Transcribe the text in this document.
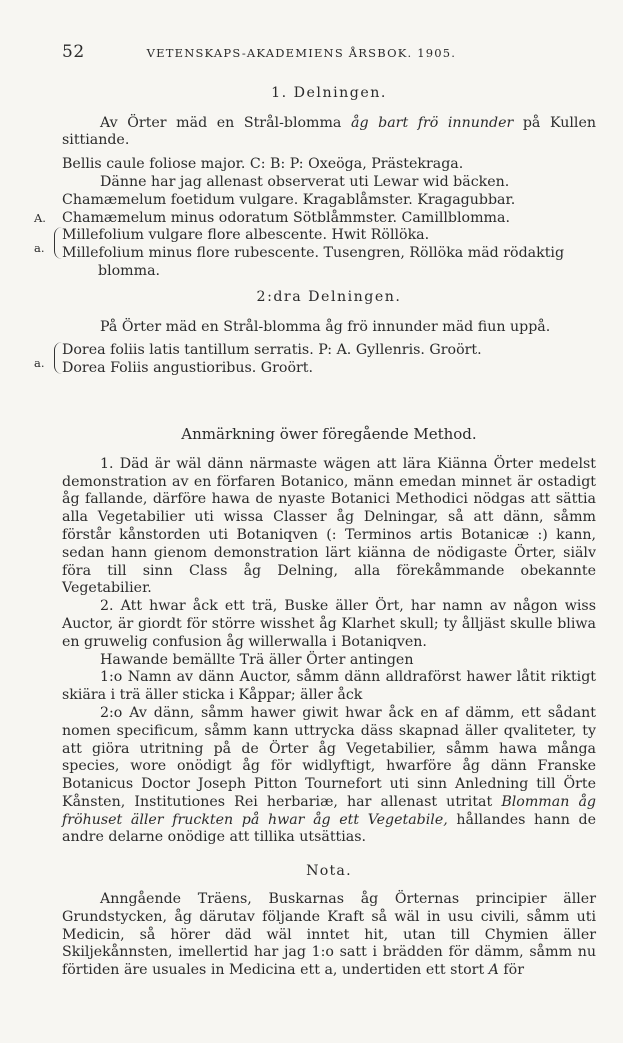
52	VETENSKAPS-AKADEMIENS ÅRSBOK. 1905.
1. Delningen.

Av Örter mäd en Strål-blomma åg bart frö innunder på Kullen sittiande.

Bellis caule foliose major. C: B: P: Oxeöga, Prästekraga.

Dänne har jag allenast observerat uti Lewar wid bäcken.

Chamæmelum foetidum vulgare. Kragablåmster. Kragagubbar.

A. Chamæmelum minus odoratum Sötblåmmster. Camillblomma.

a.

Millefolium vulgare flore albescente. Hwit Röllöka.

Millefolium minus flore rubescente. Tusengren, Röllöka mäd rödaktig blomma.

2:dra Delningen.

På Örter mäd en Strål-blomma åg frö innunder mäd fiun uppå.

a.

Dorea foliis latis tantillum serratis. P: A. Gyllenris. Groört.

Dorea Foliis angustioribus. Groört.

Anmärkning öwer föregående Method.

1. Däd är wäl dänn närmaste wägen att lära Kiänna Örter medelst demonstration av en förfaren Botanico, männ emedan minnet är ostadigt åg fallande, därföre hawa de nyaste Botanici Methodici nödgas att sättia alla Vegetabilier uti wissa Classer åg Delningar, så att dänn, såmm förstår kånstorden uti Botaniqven (: Terminos artis Botanicæ :) kann, sedan hann gienom demonstration lärt kiänna de nödigaste Örter, siälv föra till sinn Class åg Delning, alla förekåmmande obekannte Vegetabilier.

2. Att hwar åck ett trä, Buske äller Ört, har namn av någon wiss Auctor, är giordt för större wisshet åg Klarhet skull; ty ålljäst skulle bliwa en gruwelig confusion åg willerwalla i Botaniqven.

Hawande bemällte Trä äller Örter antingen

1:o Namn av dänn Auctor, såmm dänn alldraförst hawer låtit riktigt skiära i trä äller sticka i Kåppar; äller åck

2:o Av dänn, såmm hawer giwit hwar åck en af dämm, ett sådant nomen specificum, såmm kann uttrycka däss skapnad äller qvaliteter, ty att giöra utritning på de Örter åg Vegetabilier, såmm hawa många species, wore onödigt åg för widlyftigt, hwarföre åg dänn Franske Botanicus Doctor Joseph Pitton Tournefort uti sinn Anledning till Örte Kånsten, Institutiones Rei herbariæ, har allenast utritat Blomman åg fröhuset äller fruckten på hwar åg ett Vegetabile, hållandes hann de andre delarne onödige att tillika utsättias.

Nota.

Anngående Träens, Buskarnas åg Örternas principier äller Grundstycken, åg därutav följande Kraft så wäl in usu civili, såmm uti Medicin, så hörer däd wäl inntet hit, utan till Chymien äller Skiljekånnsten, imellertid har jag 1:o satt i brädden för dämm, såmm nu förtiden äre usuales in Medicina ett a, undertiden ett stort A för
